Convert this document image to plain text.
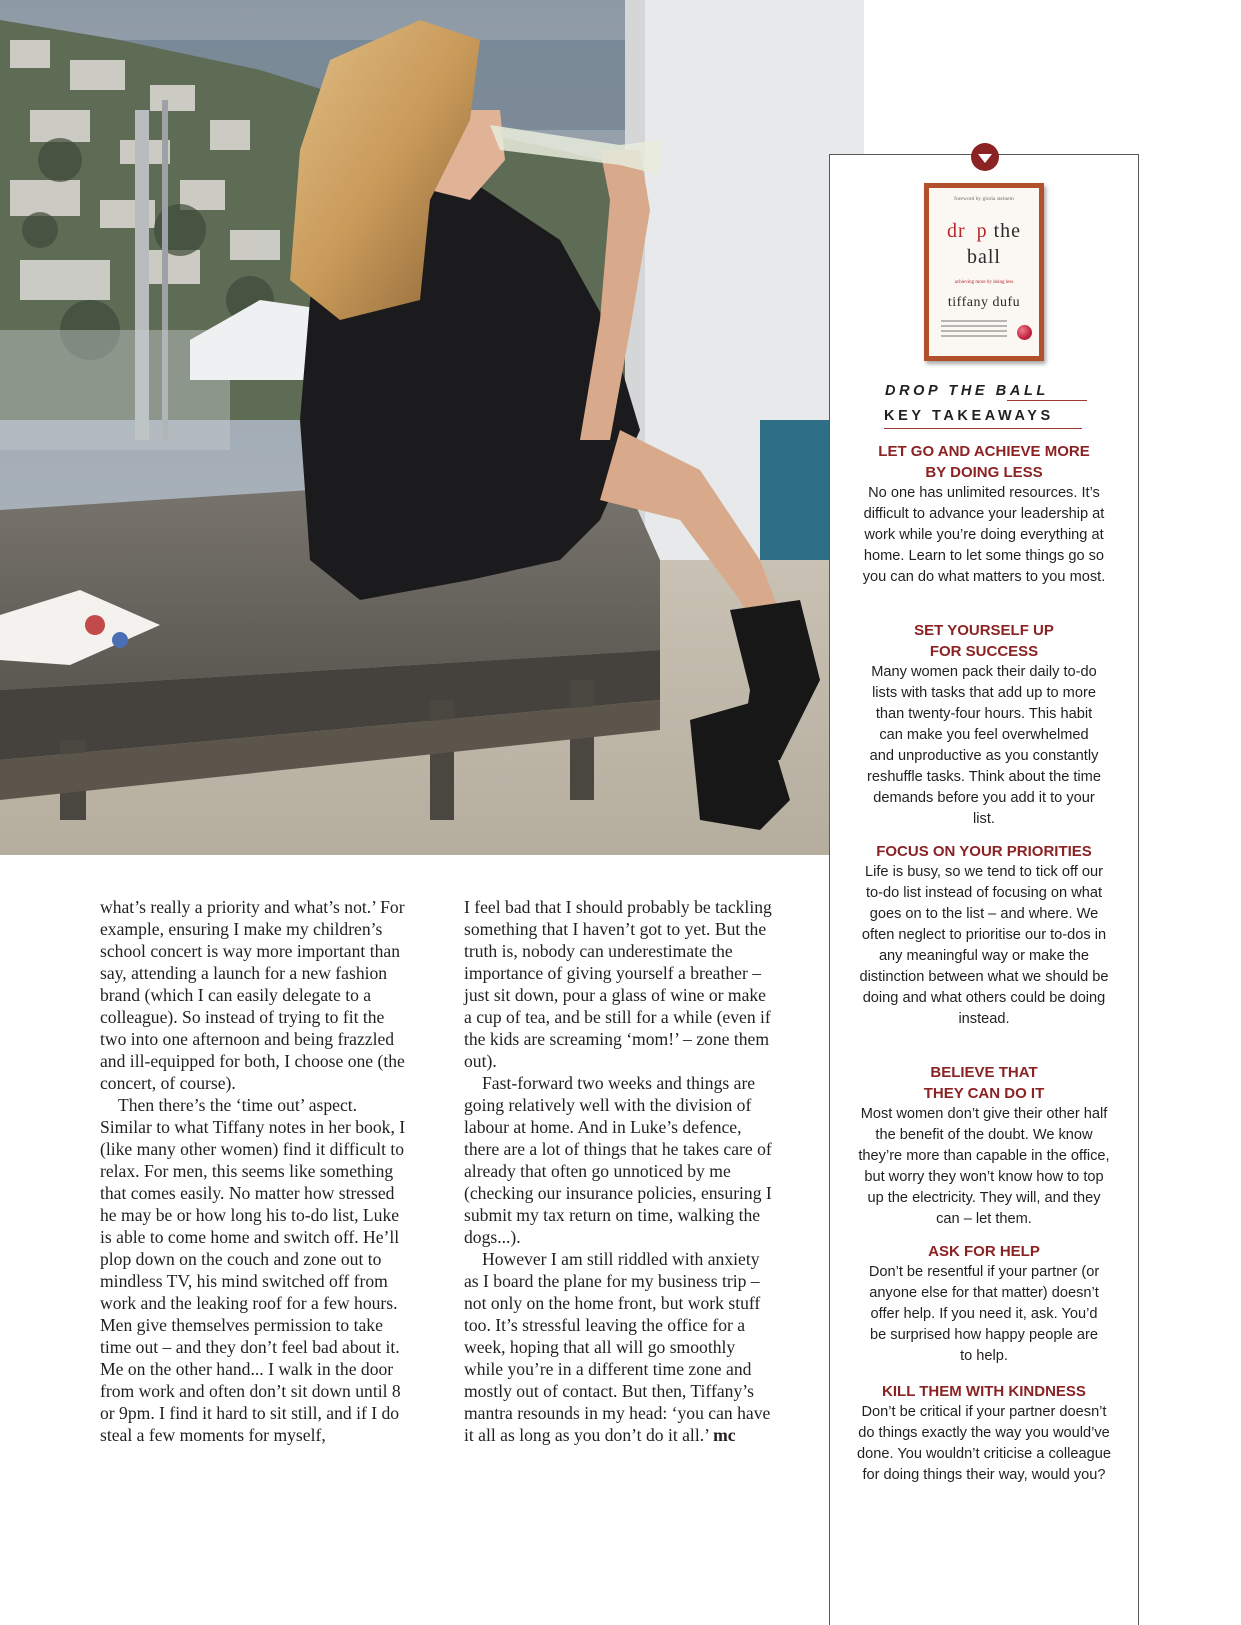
what’s really a priority and what’s not.’ For example, ensuring I make my children’s school concert is way more important than say, attending a launch for a new fashion brand (which I can easily delegate to a colleague). So instead of trying to fit the two into one afternoon and being frazzled and ill-equipped for both, I choose one (the concert, of course).

Then there’s the ‘time out’ aspect. Similar to what Tiffany notes in her book, I (like many other women) find it difficult to relax. For men, this seems like something that comes easily. No matter how stressed he may be or how long his to-do list, Luke is able to come home and switch off. He’ll plop down on the couch and zone out to mindless TV, his mind switched off from work and the leaking roof for a few hours. Men give themselves permission to take time out – and they don’t feel bad about it. Me on the other hand... I walk in the door from work and often don’t sit down until 8 or 9pm. I find it hard to sit still, and if I do steal a few moments for myself,

I feel bad that I should probably be tackling something that I haven’t got to yet. But the truth is, nobody can underestimate the importance of giving yourself a breather – just sit down, pour a glass of wine or make a cup of tea, and be still for a while (even if the kids are screaming ‘mom!’ – zone them out).

Fast-forward two weeks and things are going relatively well with the division of labour at home. And in Luke’s defence, there are a lot of things that he takes care of already that often go unnoticed by me (checking our insurance policies, ensuring I submit my tax return on time, walking the dogs...).

However I am still riddled with anxiety as I board the plane for my business trip – not only on the home front, but work stuff too. It’s stressful leaving the office for a week, hoping that all will go smoothly while you’re in a different time zone and mostly out of contact. But then, Tiffany’s mantra resounds in my head: ‘you can have it all as long as you don’t do it all.’ mc

foreword by gloria steinem
dr  p the
ball
achieving more by doing less
tiffany dufu
DROP THE BALL
KEY TAKEAWAYS
LET GO AND ACHIEVE MORE BY DOING LESS
No one has unlimited resources. It’s difficult to advance your leadership at work while you’re doing everything at home. Learn to let some things go so you can do what matters to you most.
SET YOURSELF UP FOR SUCCESS
Many women pack their daily to-do lists with tasks that add up to more than twenty-four hours. This habit can make you feel overwhelmed and unproductive as you constantly reshuffle tasks. Think about the time demands before you add it to your list.
FOCUS ON YOUR PRIORITIES
Life is busy, so we tend to tick off our to-do list instead of focusing on what goes on to the list – and where. We often neglect to prioritise our to-dos in any meaningful way or make the distinction between what we should be doing and what others could be doing instead.
BELIEVE THAT THEY CAN DO IT
Most women don’t give their other half the benefit of the doubt. We know they’re more than capable in the office, but worry they won’t know how to top up the electricity. They will, and they can – let them.
ASK FOR HELP
Don’t be resentful if your partner (or anyone else for that matter) doesn’t offer help. If you need it, ask. You’d be surprised how happy people are to help.
KILL THEM WITH KINDNESS
Don’t be critical if your partner doesn’t do things exactly the way you would’ve done. You wouldn’t criticise a colleague for doing things their way, would you?
